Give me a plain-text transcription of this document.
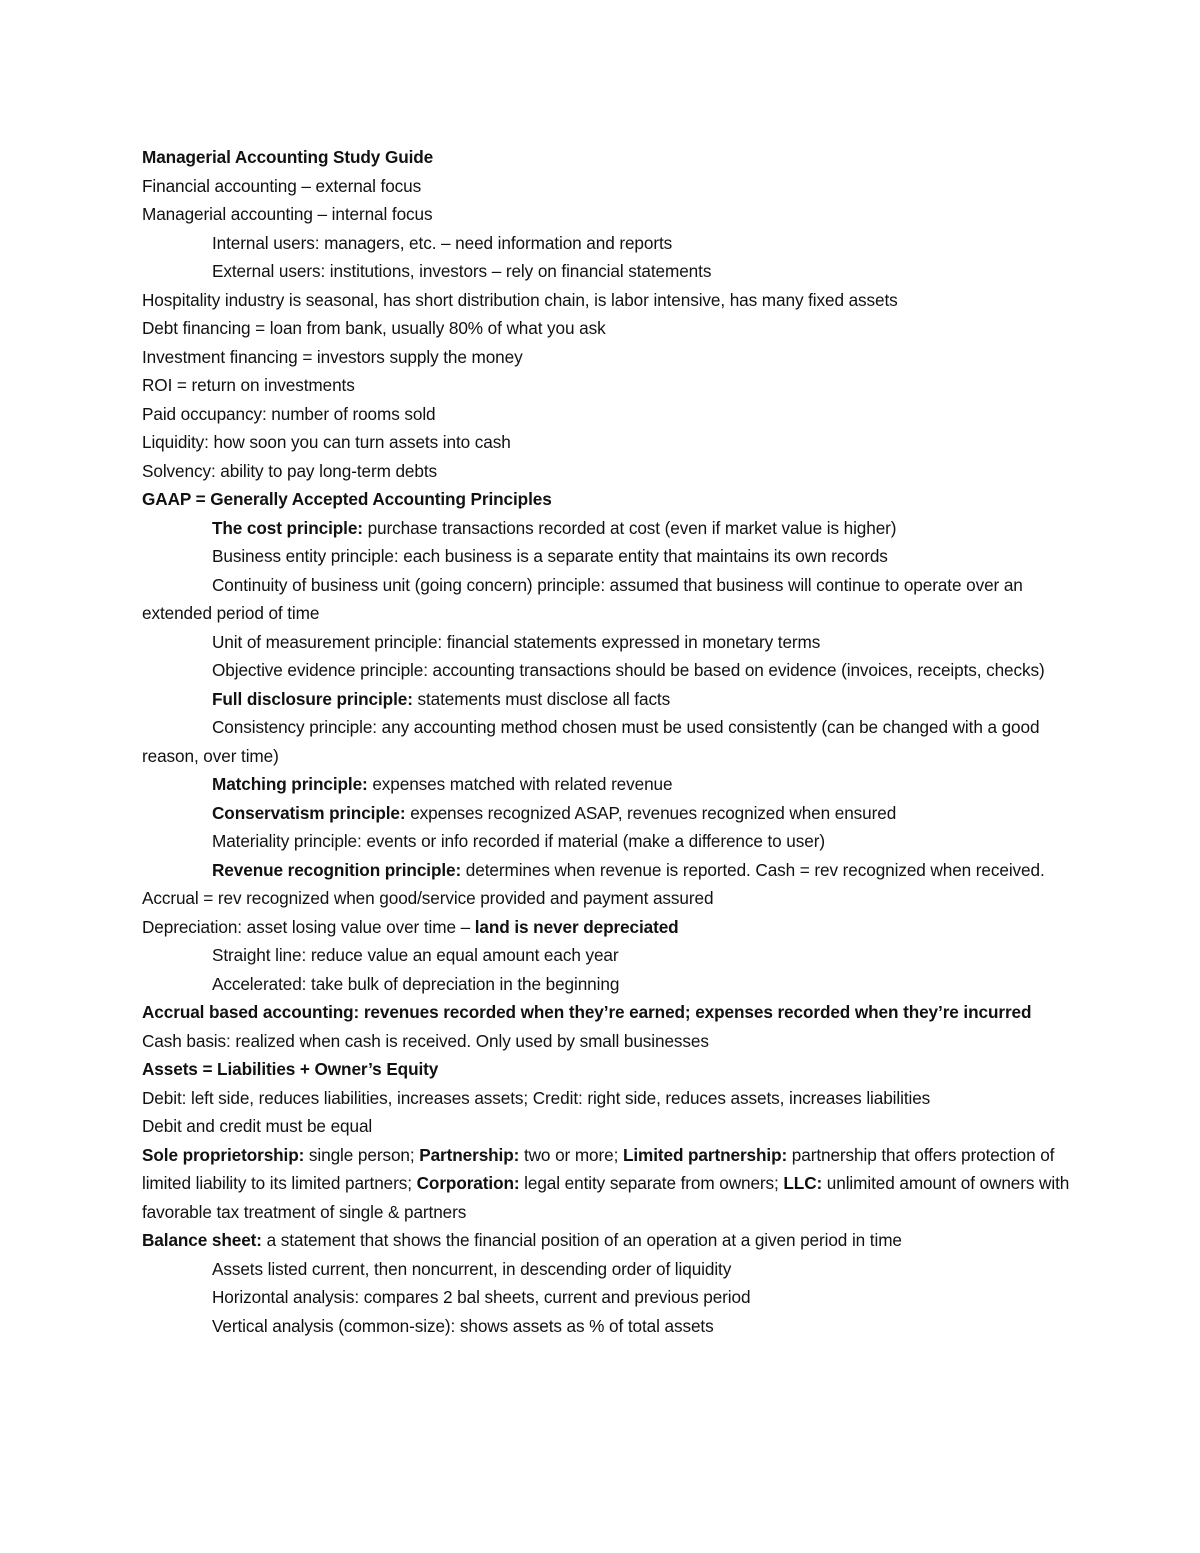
Managerial Accounting Study Guide
Financial accounting – external focus
Managerial accounting – internal focus
Internal users: managers, etc. – need information and reports
External users: institutions, investors – rely on financial statements
Hospitality industry is seasonal, has short distribution chain, is labor intensive, has many fixed assets
Debt financing = loan from bank, usually 80% of what you ask
Investment financing = investors supply the money
ROI = return on investments
Paid occupancy: number of rooms sold
Liquidity: how soon you can turn assets into cash
Solvency: ability to pay long-term debts
GAAP = Generally Accepted Accounting Principles
The cost principle: purchase transactions recorded at cost (even if market value is higher)
Business entity principle: each business is a separate entity that maintains its own records
Continuity of business unit (going concern) principle: assumed that business will continue to operate over an extended period of time
Unit of measurement principle: financial statements expressed in monetary terms
Objective evidence principle: accounting transactions should be based on evidence (invoices, receipts, checks)
Full disclosure principle: statements must disclose all facts
Consistency principle: any accounting method chosen must be used consistently (can be changed with a good reason, over time)
Matching principle: expenses matched with related revenue
Conservatism principle: expenses recognized ASAP, revenues recognized when ensured
Materiality principle: events or info recorded if material (make a difference to user)
Revenue recognition principle: determines when revenue is reported. Cash = rev recognized when received. Accrual = rev recognized when good/service provided and payment assured
Depreciation: asset losing value over time – land is never depreciated
Straight line: reduce value an equal amount each year
Accelerated: take bulk of depreciation in the beginning
Accrual based accounting: revenues recorded when they’re earned; expenses recorded when they’re incurred
Cash basis: realized when cash is received. Only used by small businesses
Assets = Liabilities + Owner’s Equity
Debit: left side, reduces liabilities, increases assets; Credit: right side, reduces assets, increases liabilities
Debit and credit must be equal
Sole proprietorship: single person; Partnership: two or more; Limited partnership: partnership that offers protection of limited liability to its limited partners; Corporation: legal entity separate from owners; LLC: unlimited amount of owners with favorable tax treatment of single & partners
Balance sheet: a statement that shows the financial position of an operation at a given period in time
Assets listed current, then noncurrent, in descending order of liquidity
Horizontal analysis: compares 2 bal sheets, current and previous period
Vertical analysis (common-size): shows assets as % of total assets
